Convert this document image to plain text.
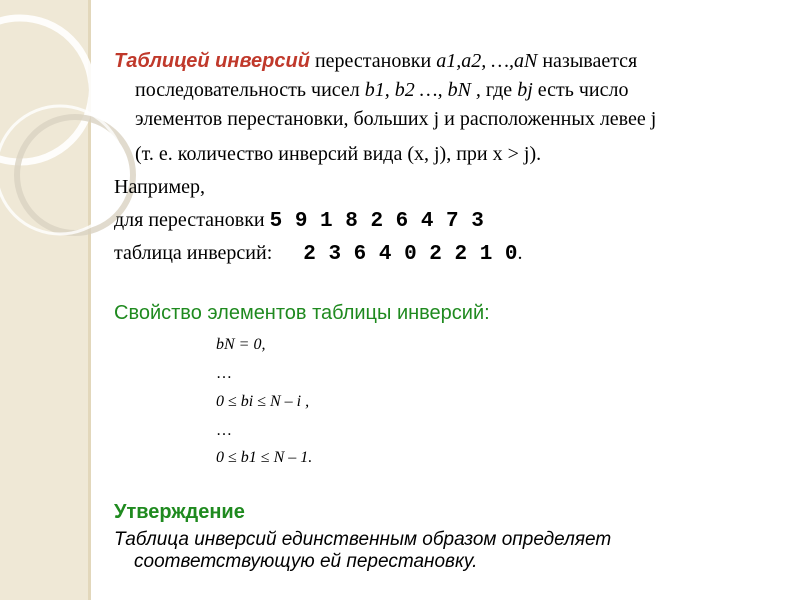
Таблицей инверсий перестановки a1,a2, …,aN называется
последовательность чисел b1, b2 …, bN , где bj есть число
элементов перестановки, больших j и расположенных левее j
(т. е. количество инверсий вида (x, j), при x > j).
Например,
для перестановки 5 9 1 8 2 6 4 7 3
таблица инверсий: 2 3 6 4 0 2 2 1 0.
Свойство элементов таблицы инверсий:
bN = 0,
…
0 ≤ bi ≤ N – i ,
…
0 ≤ b1 ≤ N – 1.
Утверждение
Таблица инверсий единственным образом определяет
соответствующую ей перестановку.
